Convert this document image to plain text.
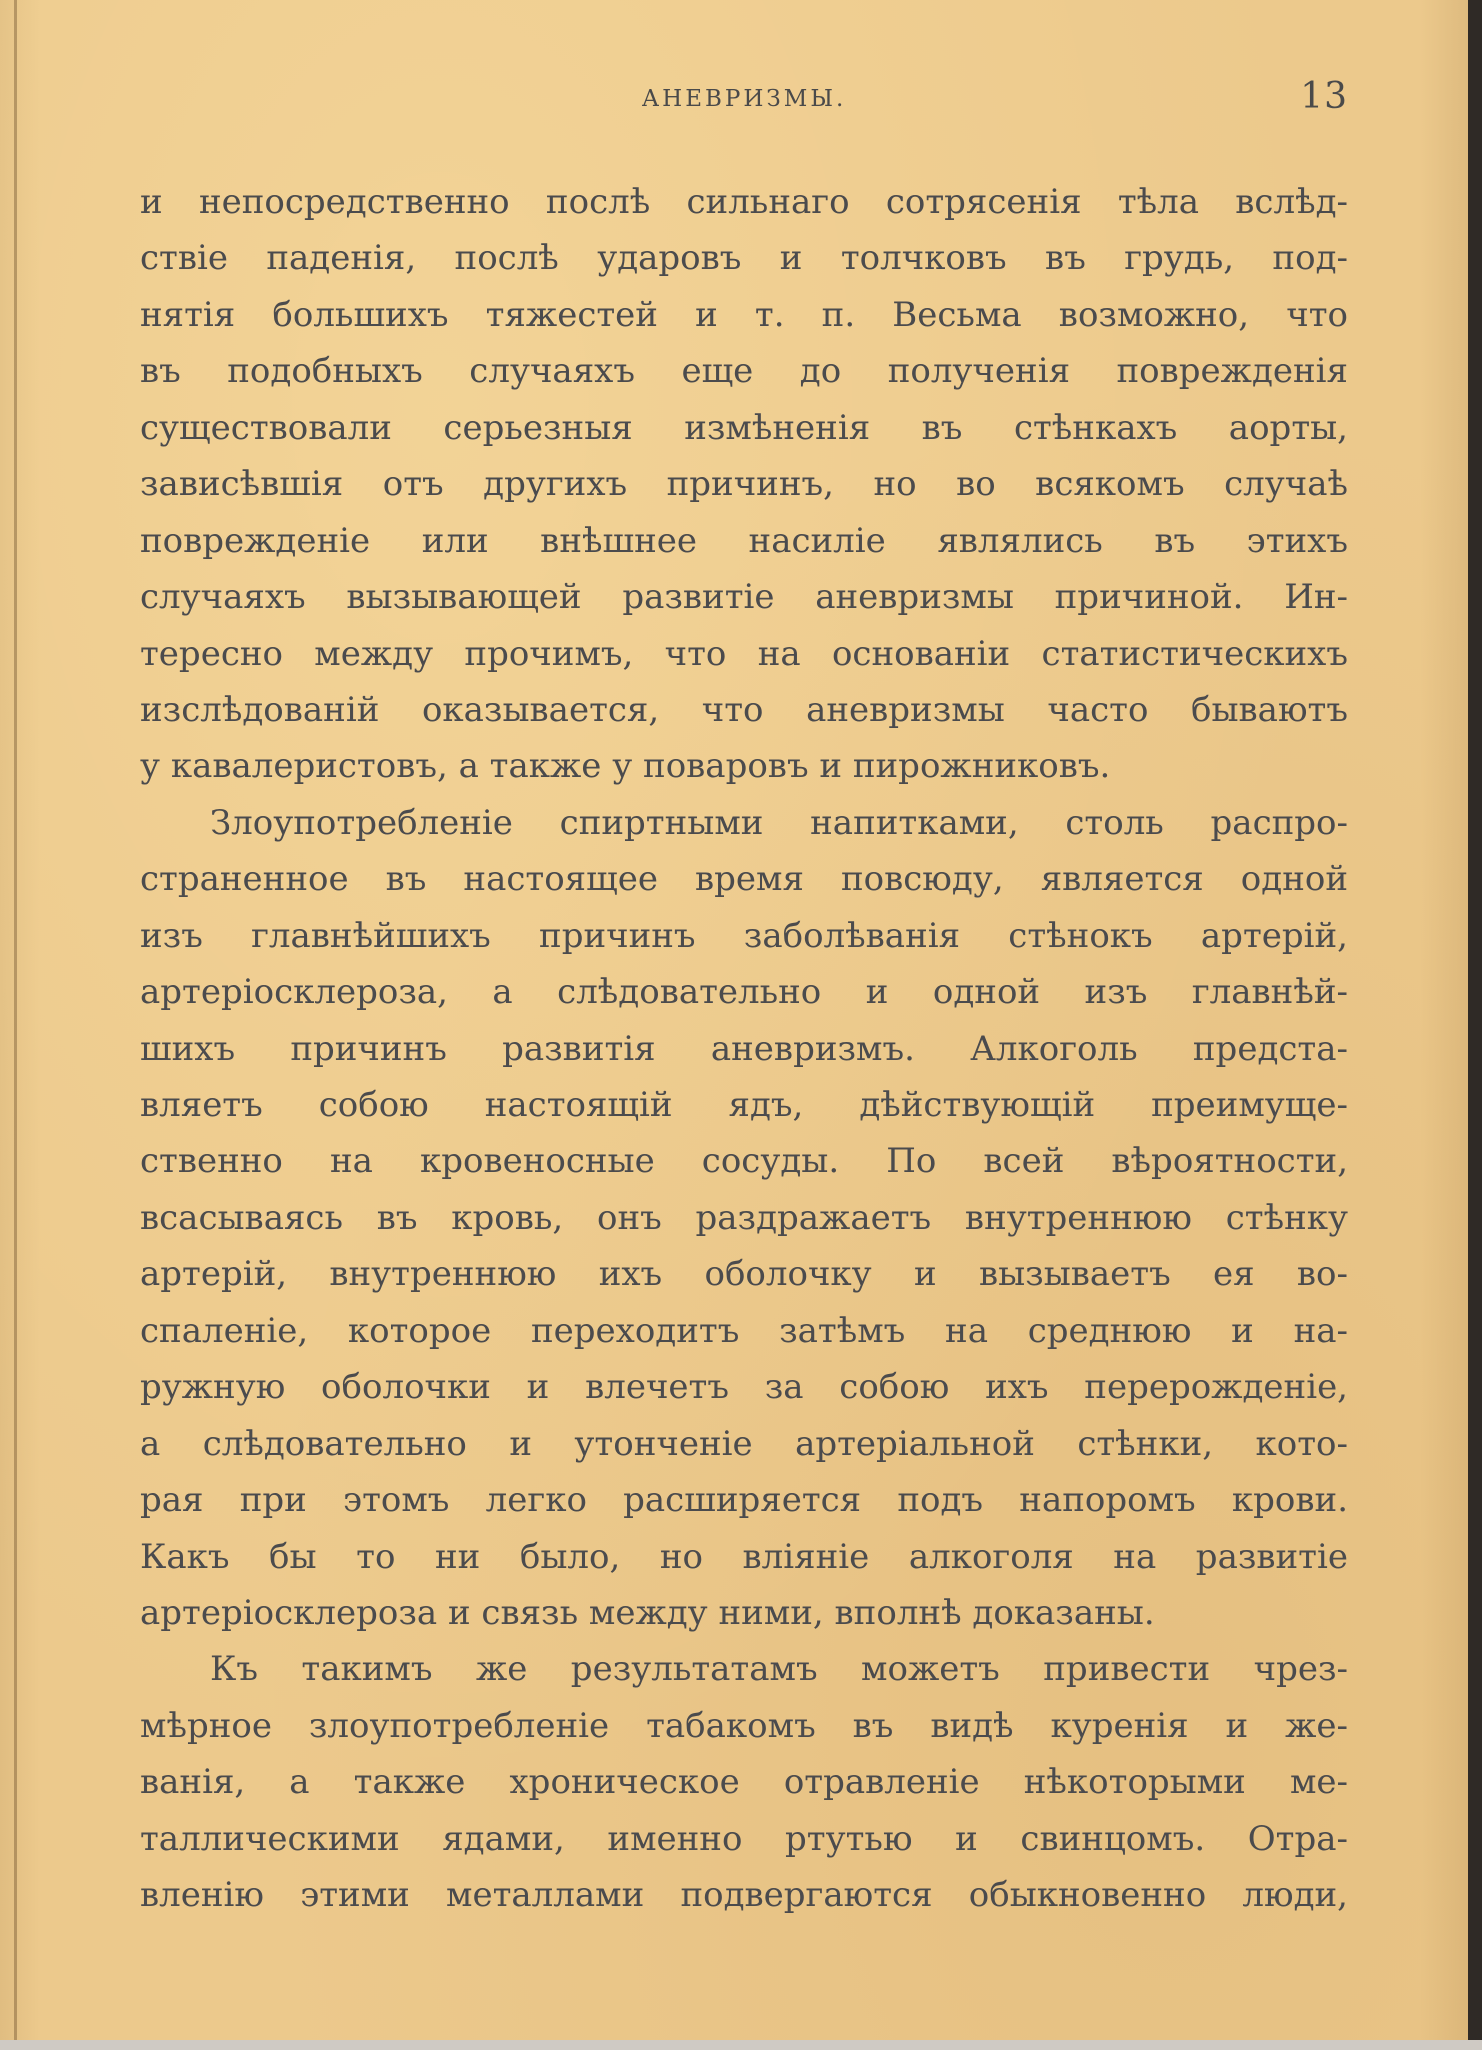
АНЕВРИЗМЫ.	13
и непосредственно послѣ сильнаго сотрясенія тѣла вслѣд-
ствіе паденія, послѣ ударовъ и толчковъ въ грудь, под-
нятія большихъ тяжестей и т. п. Весьма возможно, что
въ подобныхъ случаяхъ еще до полученія поврежденія
существовали серьезныя измѣненія въ стѣнкахъ аорты,
зависѣвшія отъ другихъ причинъ, но во всякомъ случаѣ
поврежденіе или внѣшнее насиліе являлись въ этихъ
случаяхъ вызывающей развитіе аневризмы причиной. Ин-
тересно между прочимъ, что на основаніи статистическихъ
изслѣдованій оказывается, что аневризмы часто бываютъ
у кавалеристовъ, а также у поваровъ и пирожниковъ.
Злоупотребленіе спиртными напитками, столь распро-
страненное въ настоящее время повсюду, является одной
изъ главнѣйшихъ причинъ заболѣванія стѣнокъ артерій,
артеріосклероза, а слѣдовательно и одной изъ главнѣй-
шихъ причинъ развитія аневризмъ. Алкоголь предста-
вляетъ собою настоящій ядъ, дѣйствующій преимуще-
ственно на кровеносные сосуды. По всей вѣроятности,
всасываясь въ кровь, онъ раздражаетъ внутреннюю стѣнку
артерій, внутреннюю ихъ оболочку и вызываетъ ея во-
спаленіе, которое переходитъ затѣмъ на среднюю и на-
ружную оболочки и влечетъ за собою ихъ перерожденіе,
а слѣдовательно и утонченіе артеріальной стѣнки, кото-
рая при этомъ легко расширяется подъ напоромъ крови.
Какъ бы то ни было, но вліяніе алкоголя на развитіе
артеріосклероза и связь между ними, вполнѣ доказаны.
Къ такимъ же результатамъ можетъ привести чрез-
мѣрное злоупотребленіе табакомъ въ видѣ куренія и же-
ванія, а также хроническое отравленіе нѣкоторыми ме-
таллическими ядами, именно ртутью и свинцомъ. Отра-
вленію этими металлами подвергаются обыкновенно люди,
